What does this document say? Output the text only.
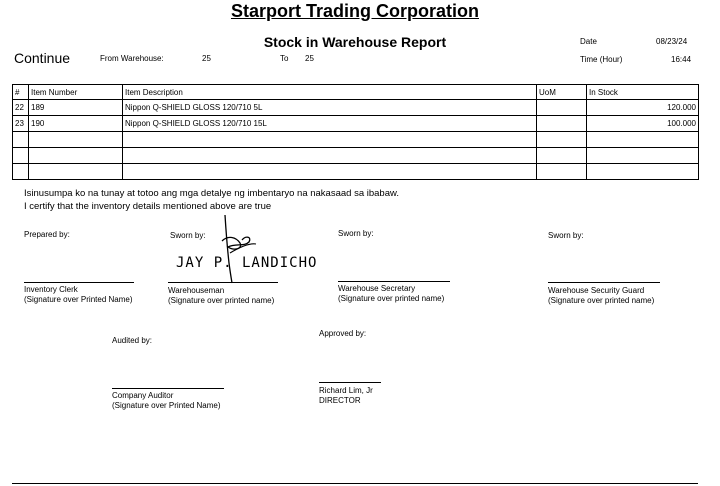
Starport Trading Corporation
Stock in Warehouse Report
Continue	From Warehouse:	25	To 25
Date	08/23/24
Time (Hour)	16:44
#	Item Number	Item Description	UoM	In Stock
22	189	Nippon Q-SHIELD GLOSS 120/710 5L		120.000
23	190	Nippon Q-SHIELD GLOSS 120/710 15L		100.000

Isinusumpa ko na tunay at totoo ang mga detalye ng imbentaryo na nakasaad sa ibabaw.
I certify that the inventory details mentioned above are true
Prepared by:	Sworn by:	Sworn by:	Sworn by:
JAY P. LANDICHO
Inventory Clerk
(Signature over Printed Name)
Warehouseman
(Signature over printed name)
Warehouse Secretary
(Signature over printed name)
Warehouse Security Guard
(Signature over printed name)
Audited by:
Approved by:
Company Auditor
(Signature over Printed Name)
Richard Lim, Jr
DIRECTOR
